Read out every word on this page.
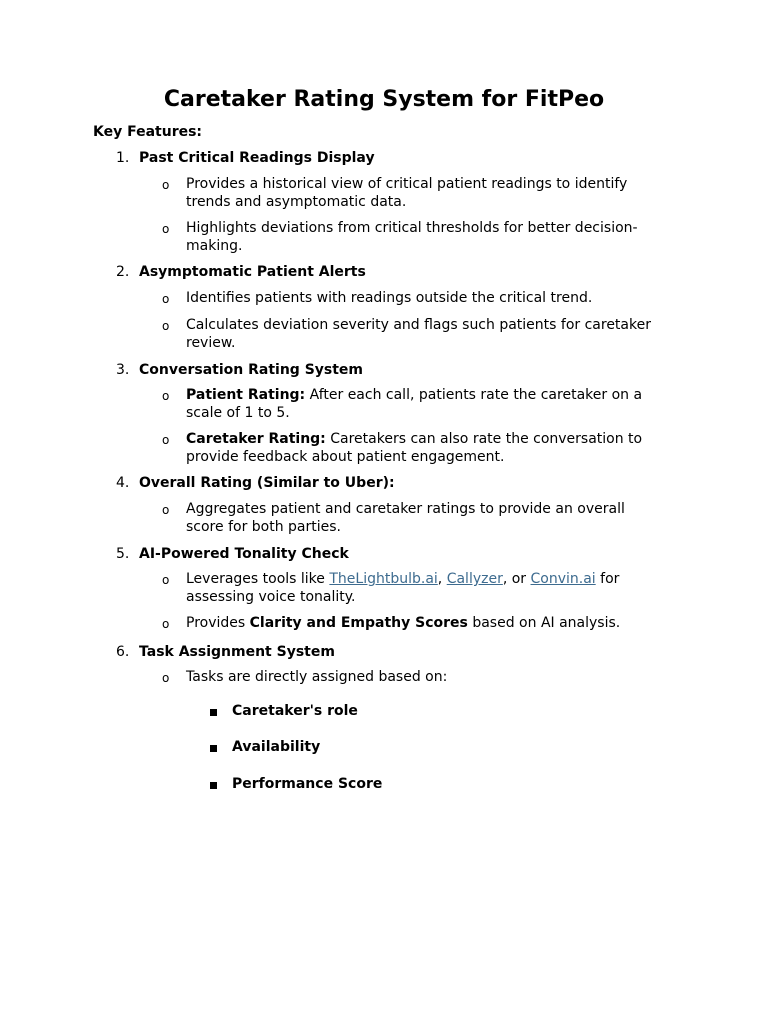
Caretaker Rating System for FitPeo
Key Features:
1. Past Critical Readings Display
o Provides a historical view of critical patient readings to identify trends and asymptomatic data.
o Highlights deviations from critical thresholds for better decision-making.
2. Asymptomatic Patient Alerts
o Identifies patients with readings outside the critical trend.
o Calculates deviation severity and flags such patients for caretaker review.
3. Conversation Rating System
o Patient Rating: After each call, patients rate the caretaker on a scale of 1 to 5.
o Caretaker Rating: Caretakers can also rate the conversation to provide feedback about patient engagement.
4. Overall Rating (Similar to Uber):
o Aggregates patient and caretaker ratings to provide an overall score for both parties.
5. AI-Powered Tonality Check
o Leverages tools like TheLightbulb.ai, Callyzer, or Convin.ai for assessing voice tonality.
o Provides Clarity and Empathy Scores based on AI analysis.
6. Task Assignment System
o Tasks are directly assigned based on:
Caretaker's role
Availability
Performance Score
